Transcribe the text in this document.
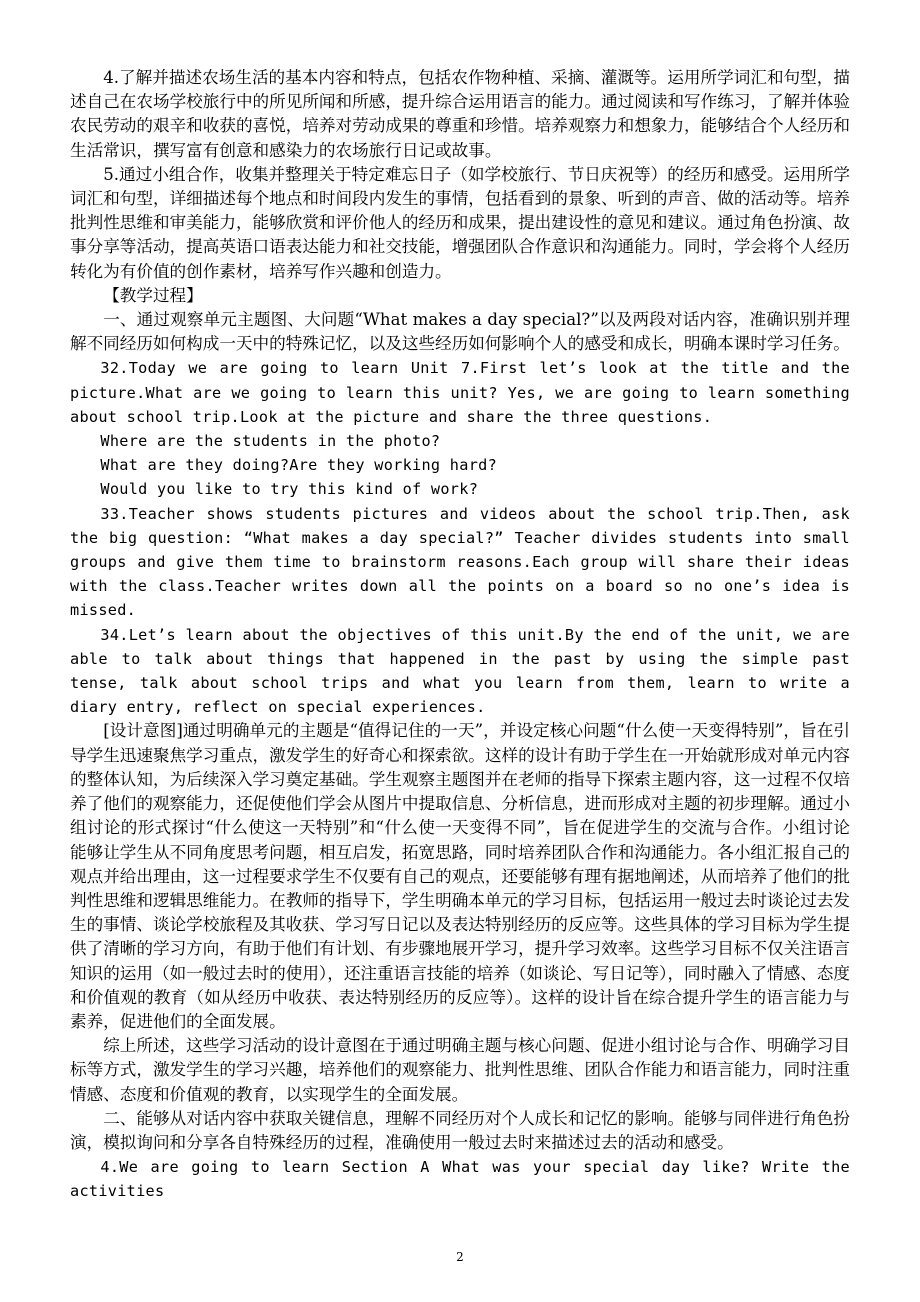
4.了解并描述农场生活的基本内容和特点，包括农作物种植、采摘、灌溉等。运用所学词汇和句型，描述自己在农场学校旅行中的所见所闻和所感，提升综合运用语言的能力。通过阅读和写作练习，了解并体验农民劳动的艰辛和收获的喜悦，培养对劳动成果的尊重和珍惜。培养观察力和想象力，能够结合个人经历和生活常识，撰写富有创意和感染力的农场旅行日记或故事。

5.通过小组合作，收集并整理关于特定难忘日子（如学校旅行、节日庆祝等）的经历和感受。运用所学词汇和句型，详细描述每个地点和时间段内发生的事情，包括看到的景象、听到的声音、做的活动等。培养批判性思维和审美能力，能够欣赏和评价他人的经历和成果，提出建设性的意见和建议。通过角色扮演、故事分享等活动，提高英语口语表达能力和社交技能，增强团队合作意识和沟通能力。同时，学会将个人经历转化为有价值的创作素材，培养写作兴趣和创造力。

【教学过程】

一、通过观察单元主题图、大问题“What makes a day special?”以及两段对话内容，准确识别并理解不同经历如何构成一天中的特殊记忆，以及这些经历如何影响个人的感受和成长，明确本课时学习任务。

32.Today we are going to learn Unit 7.First let’s look at the title and the picture.What are we going to learn this unit? Yes, we are going to learn something about school trip.Look at the picture and share the three questions.

Where are the students in the photo?

What are they doing?Are they working hard?

Would you like to try this kind of work?

33.Teacher shows students pictures and videos about the school trip.Then, ask the big question: “What makes a day special?” Teacher divides students into small groups and give them time to brainstorm reasons.Each group will share their ideas with the class.Teacher writes down all the points on a board so no one’s idea is missed.

34.Let’s learn about the objectives of this unit.By the end of the unit, we are able to talk about things that happened in the past by using the simple past tense, talk about school trips and what you learn from them, learn to write a diary entry, reflect on special experiences.

[设计意图]通过明确单元的主题是“值得记住的一天”，并设定核心问题“什么使一天变得特别”，旨在引导学生迅速聚焦学习重点，激发学生的好奇心和探索欲。这样的设计有助于学生在一开始就形成对单元内容的整体认知，为后续深入学习奠定基础。学生观察主题图并在老师的指导下探索主题内容，这一过程不仅培养了他们的观察能力，还促使他们学会从图片中提取信息、分析信息，进而形成对主题的初步理解。通过小组讨论的形式探讨“什么使这一天特别”和“什么使一天变得不同”，旨在促进学生的交流与合作。小组讨论能够让学生从不同角度思考问题，相互启发，拓宽思路，同时培养团队合作和沟通能力。各小组汇报自己的观点并给出理由，这一过程要求学生不仅要有自己的观点，还要能够有理有据地阐述，从而培养了他们的批判性思维和逻辑思维能力。在教师的指导下，学生明确本单元的学习目标，包括运用一般过去时谈论过去发生的事情、谈论学校旅程及其收获、学习写日记以及表达特别经历的反应等。这些具体的学习目标为学生提供了清晰的学习方向，有助于他们有计划、有步骤地展开学习，提升学习效率。这些学习目标不仅关注语言知识的运用（如一般过去时的使用），还注重语言技能的培养（如谈论、写日记等），同时融入了情感、态度和价值观的教育（如从经历中收获、表达特别经历的反应等）。这样的设计旨在综合提升学生的语言能力与素养，促进他们的全面发展。

综上所述，这些学习活动的设计意图在于通过明确主题与核心问题、促进小组讨论与合作、明确学习目标等方式，激发学生的学习兴趣，培养他们的观察能力、批判性思维、团队合作能力和语言能力，同时注重情感、态度和价值观的教育，以实现学生的全面发展。

二、能够从对话内容中获取关键信息，理解不同经历对个人成长和记忆的影响。能够与同伴进行角色扮演，模拟询问和分享各自特殊经历的过程，准确使用一般过去时来描述过去的活动和感受。

4.We are going to learn Section A What was your special day like? Write the activities

2
